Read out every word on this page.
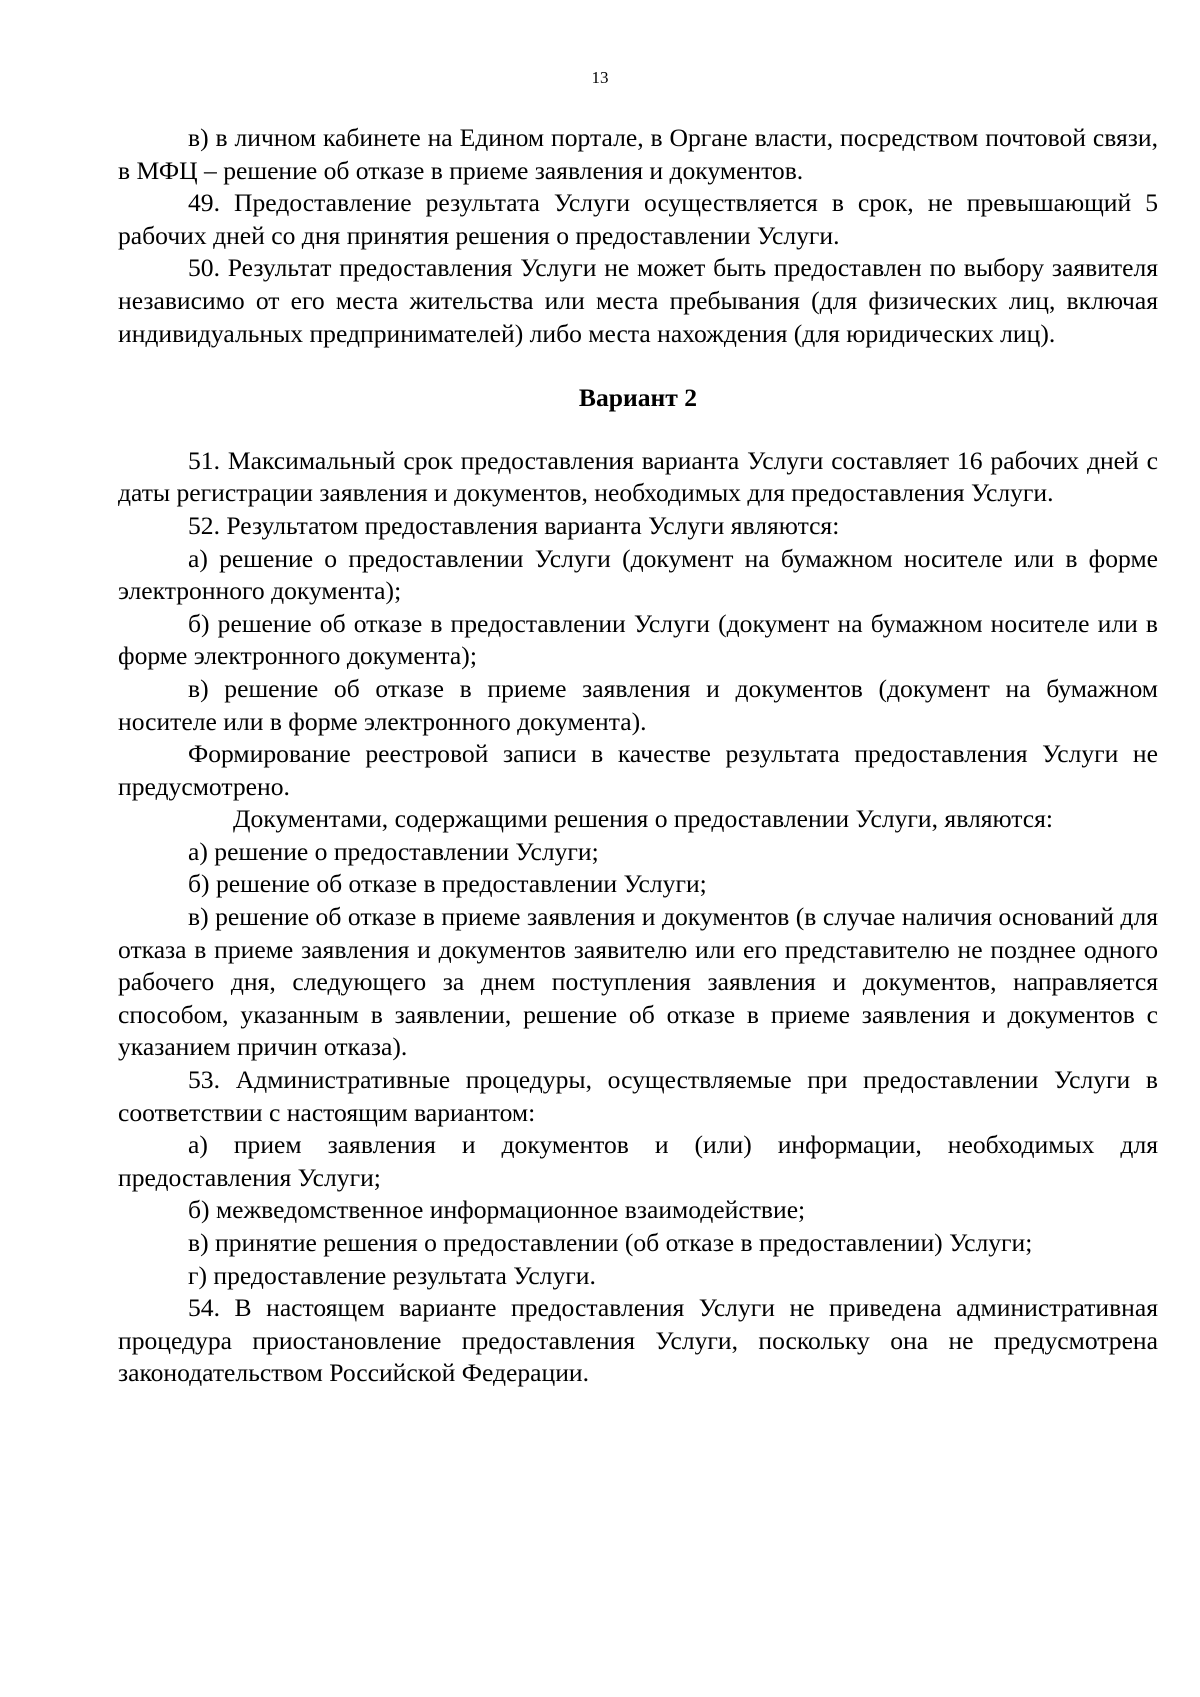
13

в) в личном кабинете на Едином портале, в Органе власти, посредством почтовой связи, в МФЦ – решение об отказе в приеме заявления и документов.

49. Предоставление результата Услуги осуществляется в срок, не превышающий 5 рабочих дней со дня принятия решения о предоставлении Услуги.

50. Результат предоставления Услуги не может быть предоставлен по выбору заявителя независимо от его места жительства или места пребывания (для физических лиц, включая индивидуальных предпринимателей) либо места нахождения (для юридических лиц).

Вариант 2

51. Максимальный срок предоставления варианта Услуги составляет 16 рабочих дней с даты регистрации заявления и документов, необходимых для предоставления Услуги.

52. Результатом предоставления варианта Услуги являются:

а) решение о предоставлении Услуги (документ на бумажном носителе или в форме электронного документа);

б) решение об отказе в предоставлении Услуги (документ на бумажном носителе или в форме электронного документа);

в) решение об отказе в приеме заявления и документов (документ на бумажном носителе или в форме электронного документа).

Формирование реестровой записи в качестве результата предоставления Услуги не предусмотрено.

Документами, содержащими решения о предоставлении Услуги, являются:

а) решение о предоставлении Услуги;

б) решение об отказе в предоставлении Услуги;

в) решение об отказе в приеме заявления и документов (в случае наличия оснований для отказа в приеме заявления и документов заявителю или его представителю не позднее одного рабочего дня, следующего за днем поступления заявления и документов, направляется способом, указанным в заявлении, решение об отказе в приеме заявления и документов с указанием причин отказа).

53. Административные процедуры, осуществляемые при предоставлении Услуги в соответствии с настоящим вариантом:

а) прием заявления и документов и (или) информации, необходимых для предоставления Услуги;

б) межведомственное информационное взаимодействие;

в) принятие решения о предоставлении (об отказе в предоставлении) Услуги;

г) предоставление результата Услуги.

54. В настоящем варианте предоставления Услуги не приведена административная процедура приостановление предоставления Услуги, поскольку она не предусмотрена законодательством Российской Федерации.
